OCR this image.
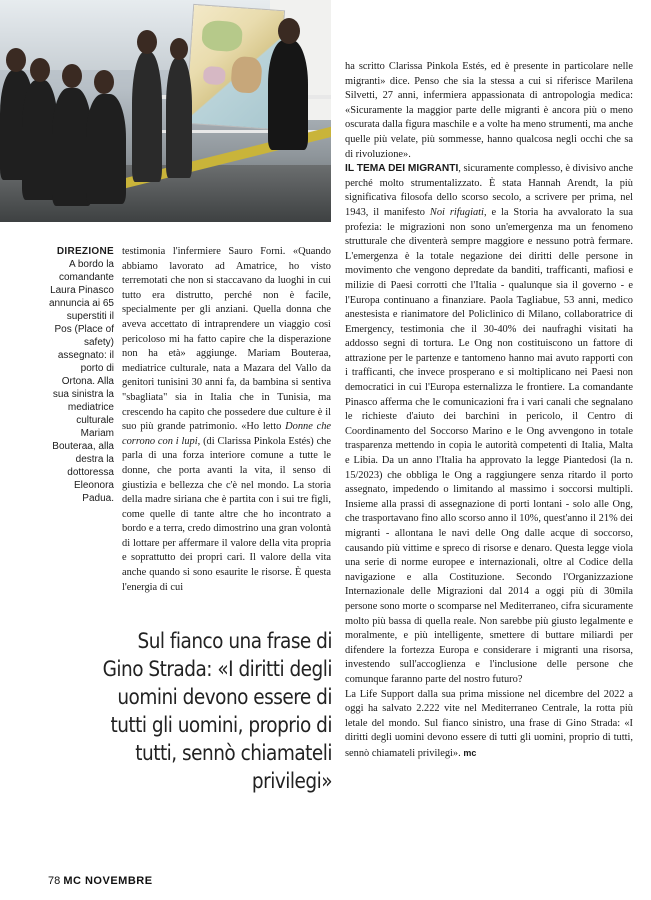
DIREZIONE
A bordo la comandante Laura Pinasco annuncia ai 65 superstiti il Pos (Place of safety) assegnato: il porto di Ortona. Alla sua sinistra la mediatrice culturale Mariam Bouteraa, alla destra la dottoressa Eleonora Padua.

testimonia l'infermiere Sauro Forni. «Quando abbiamo lavorato ad Amatrice, ho visto terremotati che non si staccavano da luoghi in cui tutto era distrutto, perché non è facile, specialmente per gli anziani. Quella donna che aveva accettato di intraprendere un viaggio così pericoloso mi ha fatto capire che la disperazione non ha età» aggiunge. Mariam Bouteraa, mediatrice culturale, nata a Mazara del Vallo da genitori tunisini 30 anni fa, da bambina si sentiva "sbagliata" sia in Italia che in Tunisia, ma crescendo ha capito che possedere due culture è il suo più grande patrimonio. «Ho letto Donne che corrono con i lupi, (di Clarissa Pinkola Estés) che parla di una forza interiore comune a tutte le donne, che porta avanti la vita, il senso di giustizia e bellezza che c'è nel mondo. La storia della madre siriana che è partita con i sui tre figli, come quelle di tante altre che ho incontrato a bordo e a terra, credo dimostrino una gran volontà di lottare per affermare il valore della vita propria e soprattutto dei propri cari. Il valore della vita anche quando si sono esaurite le risorse. È questa l'energia di cui

Sul fianco una frase di Gino Strada: «I diritti degli uomini devono essere di tutti gli uomini, proprio di tutti, sennò chiamateli privilegi»

ha scritto Clarissa Pinkola Estés, ed è presente in particolare nelle migranti» dice. Penso che sia la stessa a cui si riferisce Marilena Silvetti, 27 anni, infermiera appassionata di antropologia medica: «Sicuramente la maggior parte delle migranti è ancora più o meno oscurata dalla figura maschile e a volte ha meno strumenti, ma anche quelle più velate, più sommesse, hanno qualcosa negli occhi che sa di rivoluzione».

IL TEMA DEI MIGRANTI, sicuramente complesso, è divisivo anche perché molto strumentalizzato. È stata Hannah Arendt, la più significativa filosofa dello scorso secolo, a scrivere per prima, nel 1943, il manifesto Noi rifugiati, e la Storia ha avvalorato la sua profezia: le migrazioni non sono un'emergenza ma un fenomeno strutturale che diventerà sempre maggiore e nessuno potrà fermare. L'emergenza è la totale negazione dei diritti delle persone in movimento che vengono depredate da banditi, trafficanti, mafiosi e milizie di Paesi corrotti che l'Italia - qualunque sia il governo - e l'Europa continuano a finanziare. Paola Tagliabue, 53 anni, medico anestesista e rianimatore del Policlinico di Milano, collaboratrice di Emergency, testimonia che il 30-40% dei naufraghi visitati ha addosso segni di tortura. Le Ong non costituiscono un fattore di attrazione per le partenze e tantomeno hanno mai avuto rapporti con i trafficanti, che invece prosperano e si moltiplicano nei Paesi non democratici in cui l'Europa esternalizza le frontiere. La comandante Pinasco afferma che le comunicazioni fra i vari canali che segnalano le richieste d'aiuto dei barchini in pericolo, il Centro di Coordinamento del Soccorso Marino e le Ong avvengono in totale trasparenza mettendo in copia le autorità competenti di Italia, Malta e Libia. Da un anno l'Italia ha approvato la legge Piantedosi (la n. 15/2023) che obbliga le Ong a raggiungere senza ritardo il porto assegnato, impedendo o limitando al massimo i soccorsi multipli. Insieme alla prassi di assegnazione di porti lontani - solo alle Ong, che trasportavano fino allo scorso anno il 10%, quest'anno il 21% dei migranti - allontana le navi delle Ong dalle acque di soccorso, causando più vittime e spreco di risorse e denaro. Questa legge viola una serie di norme europee e internazionali, oltre al Codice della navigazione e alla Costituzione. Secondo l'Organizzazione Internazionale delle Migrazioni dal 2014 a oggi più di 30mila persone sono morte o scomparse nel Mediterraneo, cifra sicuramente molto più bassa di quella reale. Non sarebbe più giusto legalmente e moralmente, e più intelligente, smettere di buttare miliardi per difendere la fortezza Europa e considerare i migranti una risorsa, investendo sull'accoglienza e l'inclusione delle persone che comunque faranno parte del nostro futuro?

La Life Support dalla sua prima missione nel dicembre del 2022 a oggi ha salvato 2.222 vite nel Mediterraneo Centrale, la rotta più letale del mondo. Sul fianco sinistro, una frase di Gino Strada: «I diritti degli uomini devono essere di tutti gli uomini, proprio di tutti, sennò chiamateli privilegi». mc

78 MC NOVEMBRE
